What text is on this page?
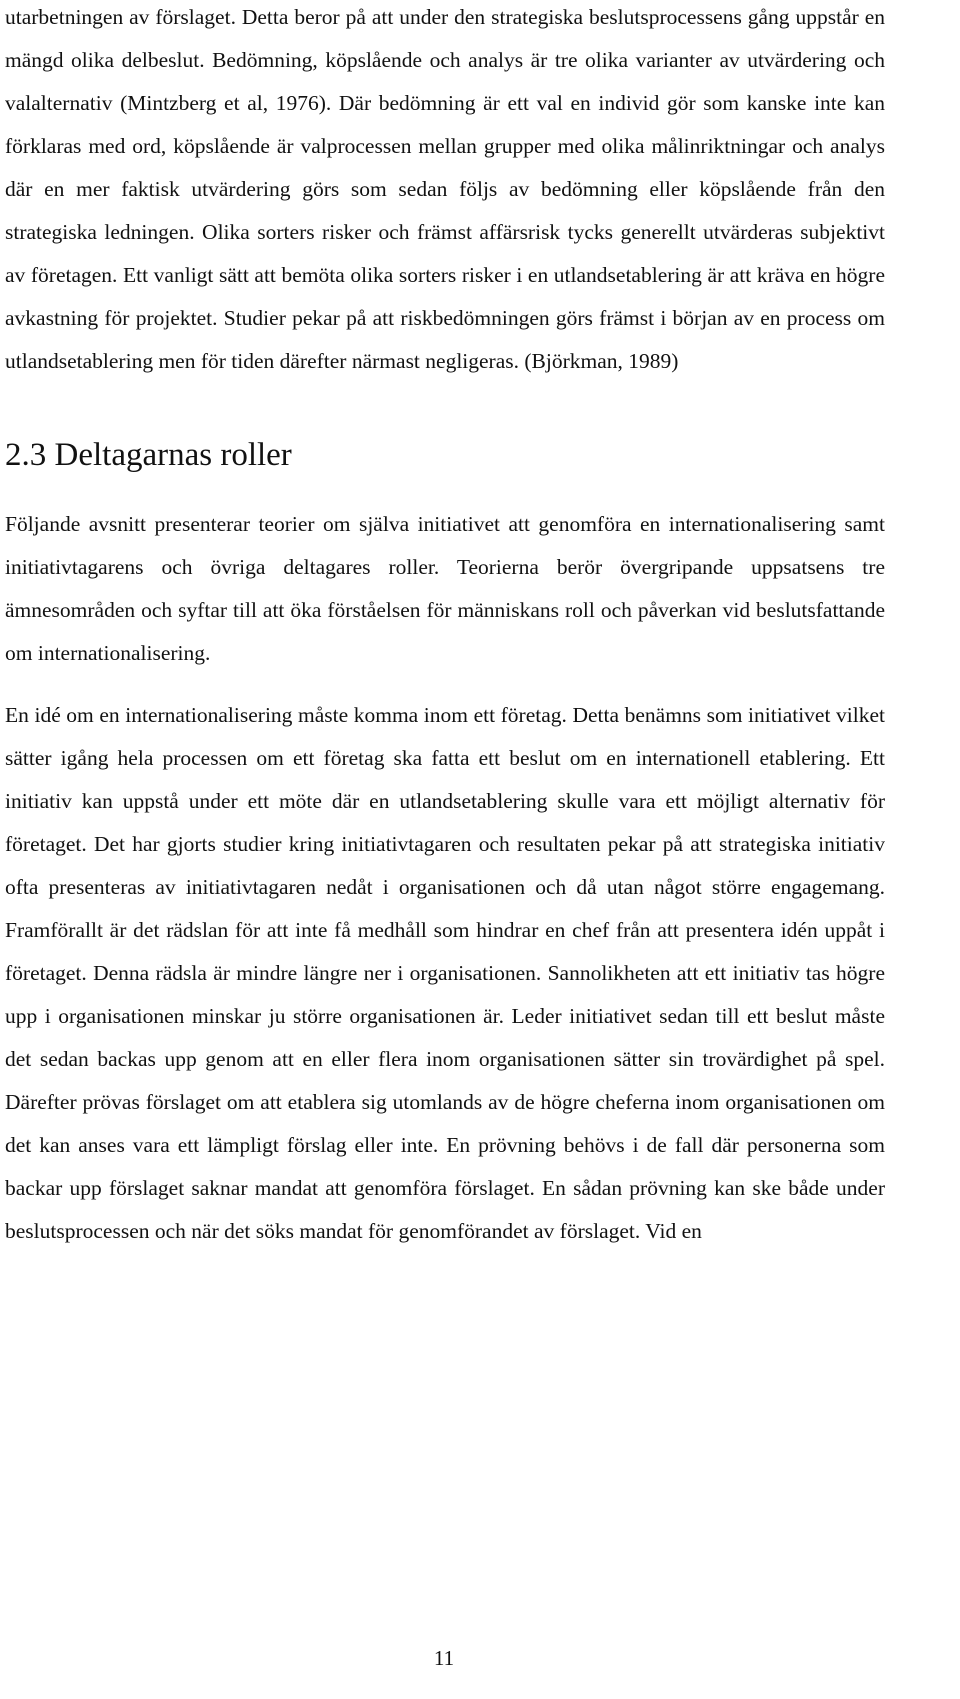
utarbetningen av förslaget. Detta beror på att under den strategiska beslutsprocessens gång uppstår en mängd olika delbeslut. Bedömning, köpslående och analys är tre olika varianter av utvärdering och valalternativ (Mintzberg et al, 1976). Där bedömning är ett val en individ gör som kanske inte kan förklaras med ord, köpslående är valprocessen mellan grupper med olika målinriktningar och analys där en mer faktisk utvärdering görs som sedan följs av bedömning eller köpslående från den strategiska ledningen. Olika sorters risker och främst affärsrisk tycks generellt utvärderas subjektivt av företagen. Ett vanligt sätt att bemöta olika sorters risker i en utlandsetablering är att kräva en högre avkastning för projektet. Studier pekar på att riskbedömningen görs främst i början av en process om utlandsetablering men för tiden därefter närmast negligeras. (Björkman, 1989)

2.3 Deltagarnas roller

Följande avsnitt presenterar teorier om själva initiativet att genomföra en internationalisering samt initiativtagarens och övriga deltagares roller. Teorierna berör övergripande uppsatsens tre ämnesområden och syftar till att öka förståelsen för människans roll och påverkan vid beslutsfattande om internationalisering.

En idé om en internationalisering måste komma inom ett företag. Detta benämns som initiativet vilket sätter igång hela processen om ett företag ska fatta ett beslut om en internationell etablering. Ett initiativ kan uppstå under ett möte där en utlandsetablering skulle vara ett möjligt alternativ för företaget. Det har gjorts studier kring initiativtagaren och resultaten pekar på att strategiska initiativ ofta presenteras av initiativtagaren nedåt i organisationen och då utan något större engagemang. Framförallt är det rädslan för att inte få medhåll som hindrar en chef från att presentera idén uppåt i företaget. Denna rädsla är mindre längre ner i organisationen. Sannolikheten att ett initiativ tas högre upp i organisationen minskar ju större organisationen är. Leder initiativet sedan till ett beslut måste det sedan backas upp genom att en eller flera inom organisationen sätter sin trovärdighet på spel. Därefter prövas förslaget om att etablera sig utomlands av de högre cheferna inom organisationen om det kan anses vara ett lämpligt förslag eller inte. En prövning behövs i de fall där personerna som backar upp förslaget saknar mandat att genomföra förslaget. En sådan prövning kan ske både under beslutsprocessen och när det söks mandat för genomförandet av förslaget. Vid en

11
